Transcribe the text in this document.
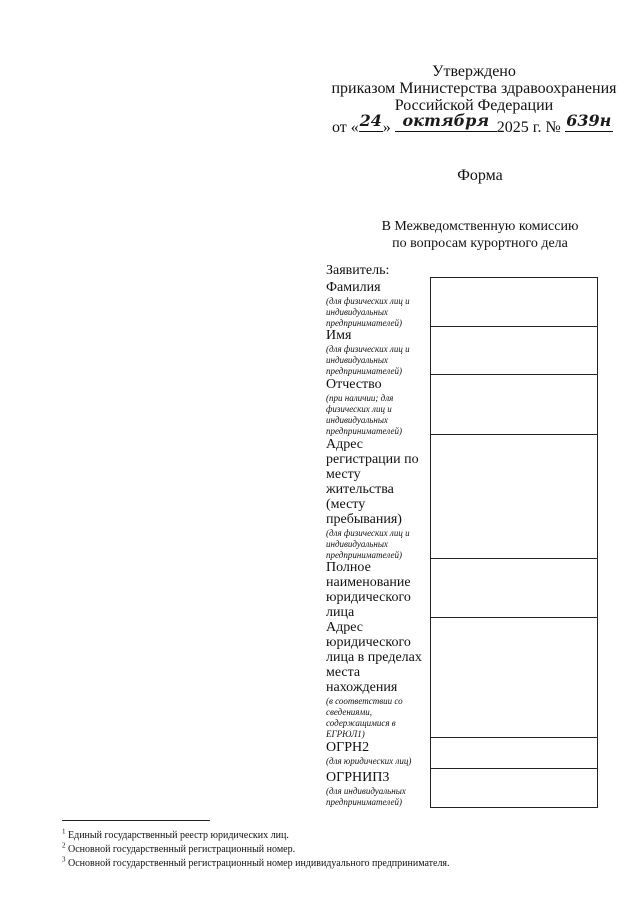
Утверждено
приказом Министерства здравоохранения
Российской Федерации
от « 24 » октября 2025 г. № 639н
Форма
В Межведомственную комиссию
по вопросам курортного дела
Заявитель:
Фамилия
(для физических лиц и индивидуальных предпринимателей)
Имя
(для физических лиц и индивидуальных предпринимателей)
Отчество
(при наличии; для физических лиц и индивидуальных предпринимателей)
Адрес регистрации по месту жительства (месту пребывания)
(для физических лиц и индивидуальных предпринимателей)
Полное наименование юридического лица
Адрес юридического лица в пределах места нахождения
(в соответствии со сведениями, содержащимися в ЕГРЮЛ1)
ОГРН2
(для юридических лиц)
ОГРНИП3
(для индивидуальных предпринимателей)
$^1$ Единый государственный реестр юридических лиц.
$^2$ Основной государственный регистрационный номер.
$^3$ Основной государственный регистрационный номер индивидуального предпринимателя.
